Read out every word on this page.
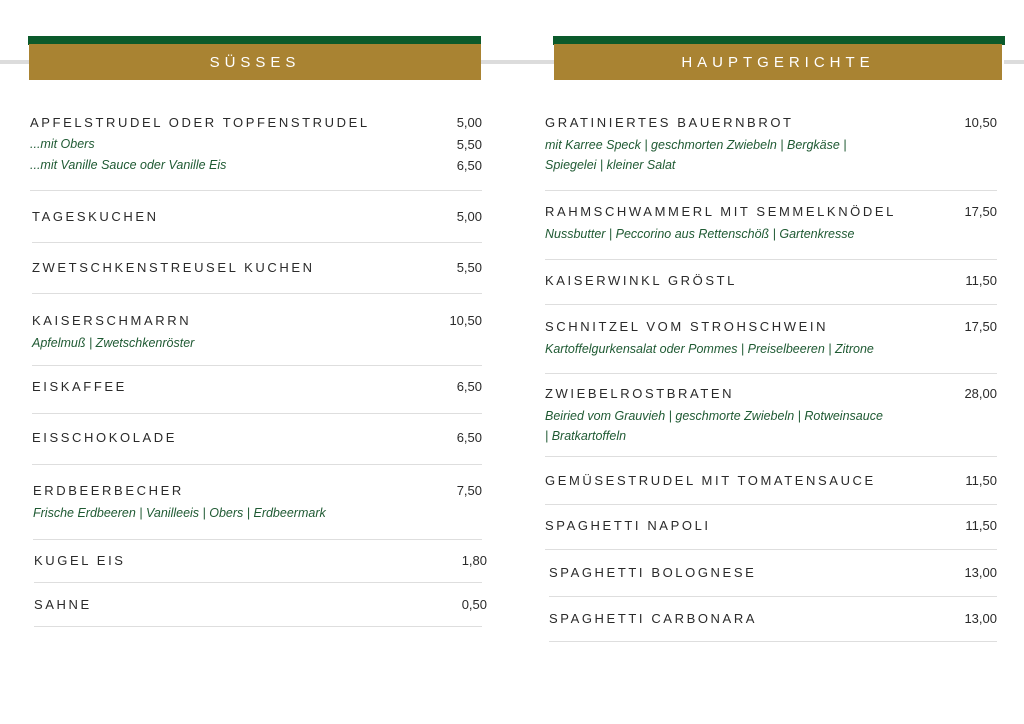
SÜSSES	HAUPTGERICHTE
APFELSTRUDEL ODER TOPFENSTRUDEL	5,00
...mit Obers	5,50
...mit Vanille Sauce oder Vanille Eis	6,50
TAGESKUCHEN	5,00
ZWETSCHKENSTREUSEL KUCHEN	5,50
KAISERSCHMARRN	10,50
Apfelmuß | Zwetschkenröster
EISKAFFEE	6,50
EISSCHOKOLADE	6,50
ERDBEERBECHER	7,50
Frische Erdbeeren | Vanilleeis | Obers | Erdbeermark
KUGEL EIS	1,80
SAHNE	0,50
GRATINIERTES BAUERNBROT	10,50
mit Karree Speck | geschmorten Zwiebeln | Bergkäse | Spiegelei | kleiner Salat
RAHMSCHWAMMERL MIT SEMMELKNÖDEL	17,50
Nussbutter | Peccorino aus Rettenschöß | Gartenkresse
KAISERWINKL GRÖSTL	11,50
SCHNITZEL VOM STROHSCHWEIN	17,50
Kartoffelgurkensalat oder Pommes | Preiselbeeren | Zitrone
ZWIEBELROSTBRATEN	28,00
Beiried vom Grauvieh | geschmorte Zwiebeln | Rotweinsauce | Bratkartoffeln
GEMÜSESTRUDEL MIT TOMATENSAUCE	11,50
SPAGHETTI NAPOLI	11,50
SPAGHETTI BOLOGNESE	13,00
SPAGHETTI CARBONARA	13,00
